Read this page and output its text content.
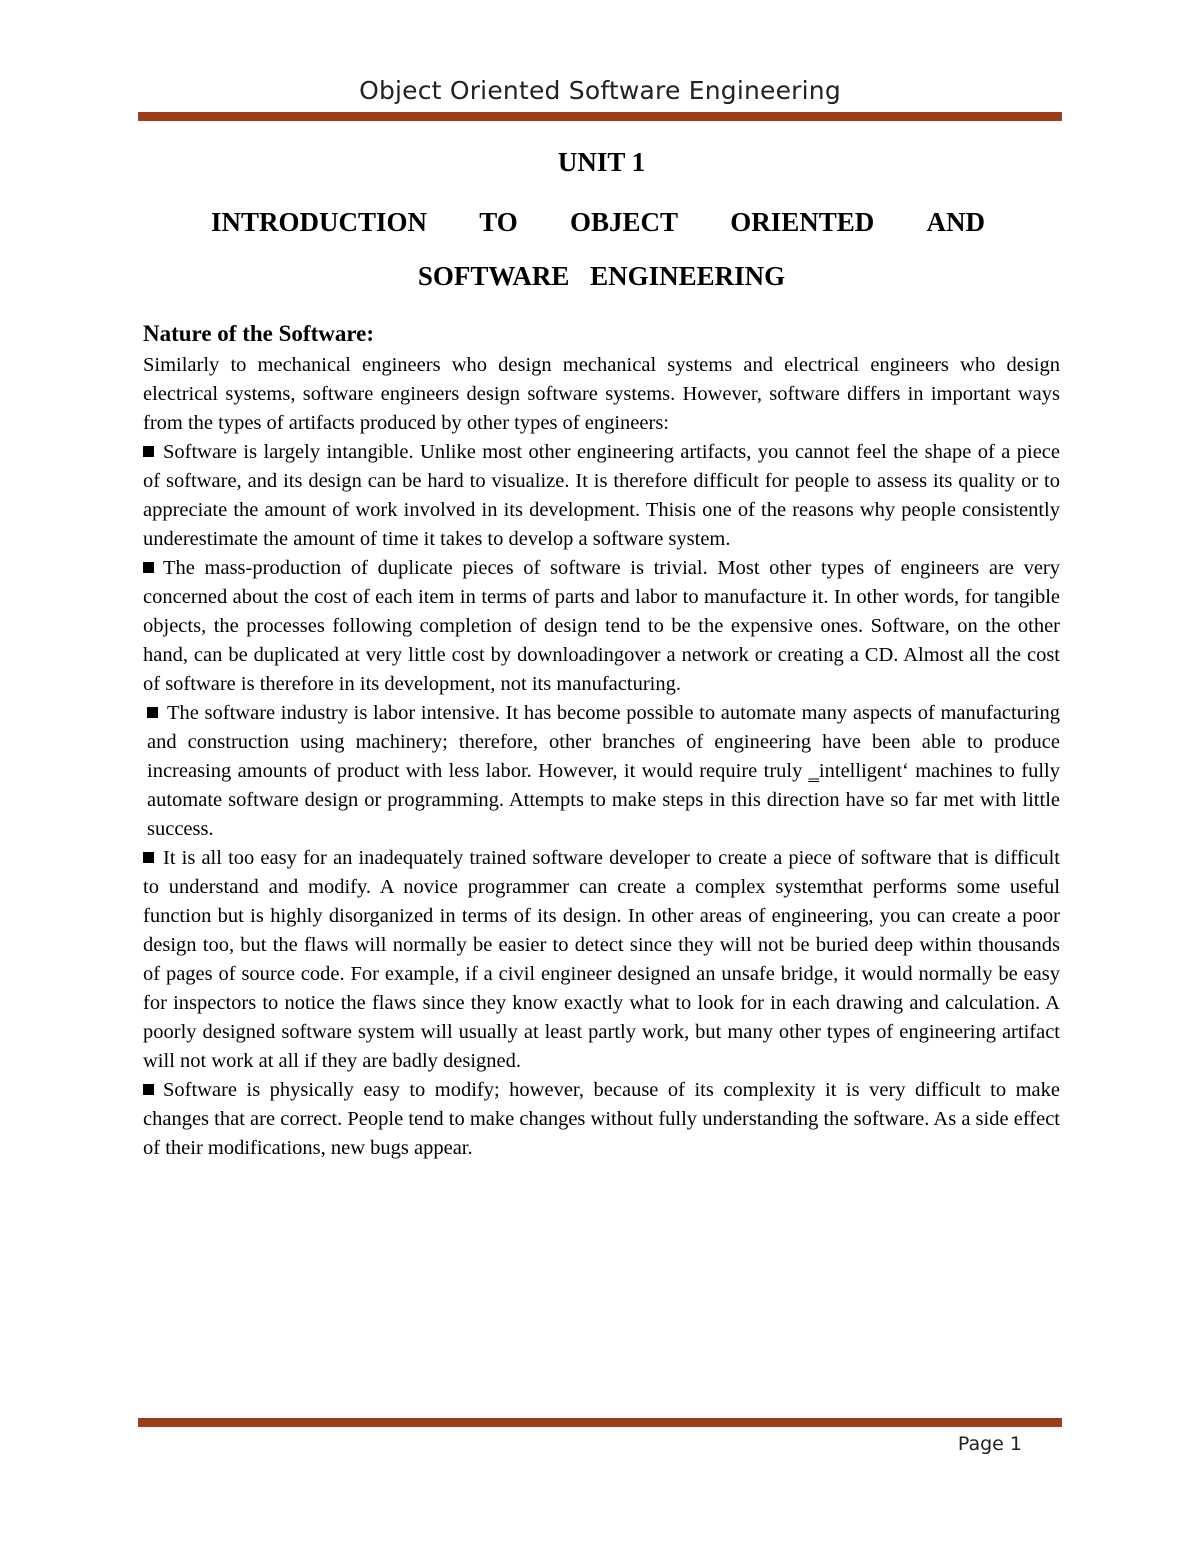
Object Oriented Software Engineering
UNIT 1
INTRODUCTION TO OBJECT ORIENTED AND
SOFTWARE ENGINEERING
Nature of the Software:

Similarly to mechanical engineers who design mechanical systems and electrical engineers who design electrical systems, software engineers design software systems. However, software differs in important ways from the types of artifacts produced by other types of engineers:

Software is largely intangible. Unlike most other engineering artifacts, you cannot feel the shape of a piece of software, and its design can be hard to visualize. It is therefore difficult for people to assess its quality or to appreciate the amount of work involved in its development. Thisis one of the reasons why people consistently underestimate the amount of time it takes to develop a software system.

The mass-production of duplicate pieces of software is trivial. Most other types of engineers are very concerned about the cost of each item in terms of parts and labor to manufacture it. In other words, for tangible objects, the processes following completion of design tend to be the expensive ones. Software, on the other hand, can be duplicated at very little cost by downloadingover a network or creating a CD. Almost all the cost of software is therefore in its development, not its manufacturing.

The software industry is labor intensive. It has become possible to automate many aspects of manufacturing and construction using machinery; therefore, other branches of engineering have been able to produce increasing amounts of product with less labor. However, it would require truly ‗intelligent‘ machines to fully automate software design or programming. Attempts to make steps in this direction have so far met with little success.

It is all too easy for an inadequately trained software developer to create a piece of software that is difficult to understand and modify. A novice programmer can create a complex systemthat performs some useful function but is highly disorganized in terms of its design. In other areas of engineering, you can create a poor design too, but the flaws will normally be easier to detect since they will not be buried deep within thousands of pages of source code. For example, if a civil engineer designed an unsafe bridge, it would normally be easy for inspectors to notice the flaws since they know exactly what to look for in each drawing and calculation. A poorly designed software system will usually at least partly work, but many other types of engineering artifact will not work at all if they are badly designed.

Software is physically easy to modify; however, because of its complexity it is very difficult to make changes that are correct. People tend to make changes without fully understanding the software. As a side effect of their modifications, new bugs appear.

Page 1
